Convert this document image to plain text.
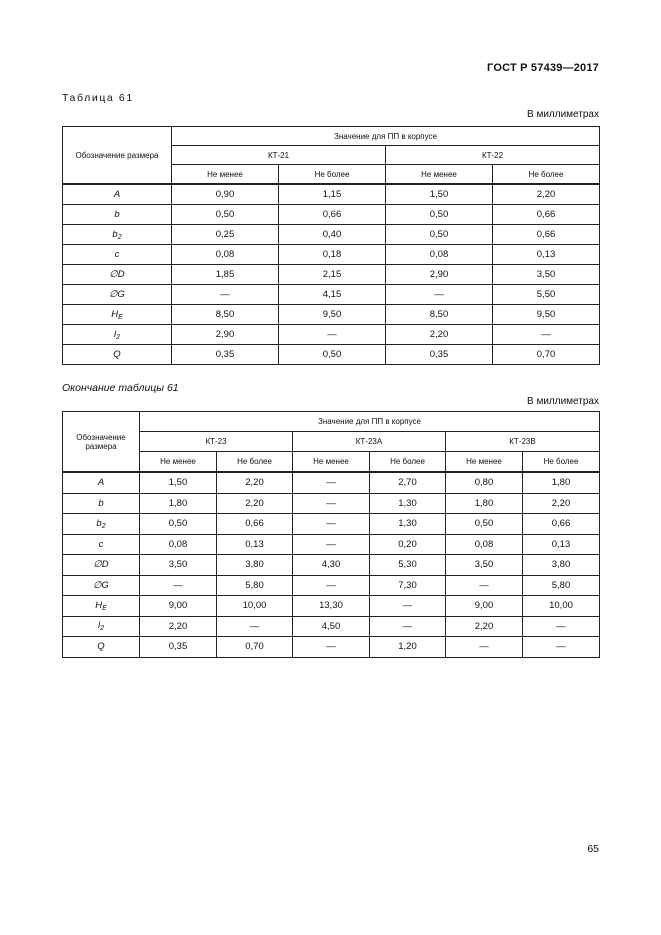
ГОСТ Р 57439—2017
Таблица 61
В миллиметрах
Обозначение размера	Значение для ПП в корпусе			
	КТ-21		КТ-22	
	Не менее	Не более	Не менее	Не более
A	0,90	1,15	1,50	2,20
b	0,50	0,66	0,50	0,66
$b_2$	0,25	0,40	0,50	0,66
c	0,08	0,18	0,08	0,13
∅D	1,85	2,15	2,90	3,50
∅G	—	4,15	—	5,50
$H_E$	8,50	9,50	8,50	9,50
$l_2$	2,90	—	2,20	—
Q	0,35	0,50	0,35	0,70
Окончание таблицы 61
В миллиметрах
Обозначение размера	Значение для ПП в корпусе					
	КТ-23		КТ-23А		КТ-23В	
	Не менее	Не более	Не менее	Не более	Не менее	Не более
A	1,50	2,20	—	2,70	0,80	1,80
b	1,80	2,20	—	1,30	1,80	2,20
$b_2$	0,50	0,66	—	1,30	0,50	0,66
c	0,08	0,13	—	0,20	0,08	0,13
∅D	3,50	3,80	4,30	5,30	3,50	3,80
∅G	—	5,80	—	7,30	—	5,80
$H_E$	9,00	10,00	13,30	—	9,00	10,00
$l_2$	2,20	—	4,50	—	2,20	—
Q	0,35	0,70	—	1,20	—	—
65
